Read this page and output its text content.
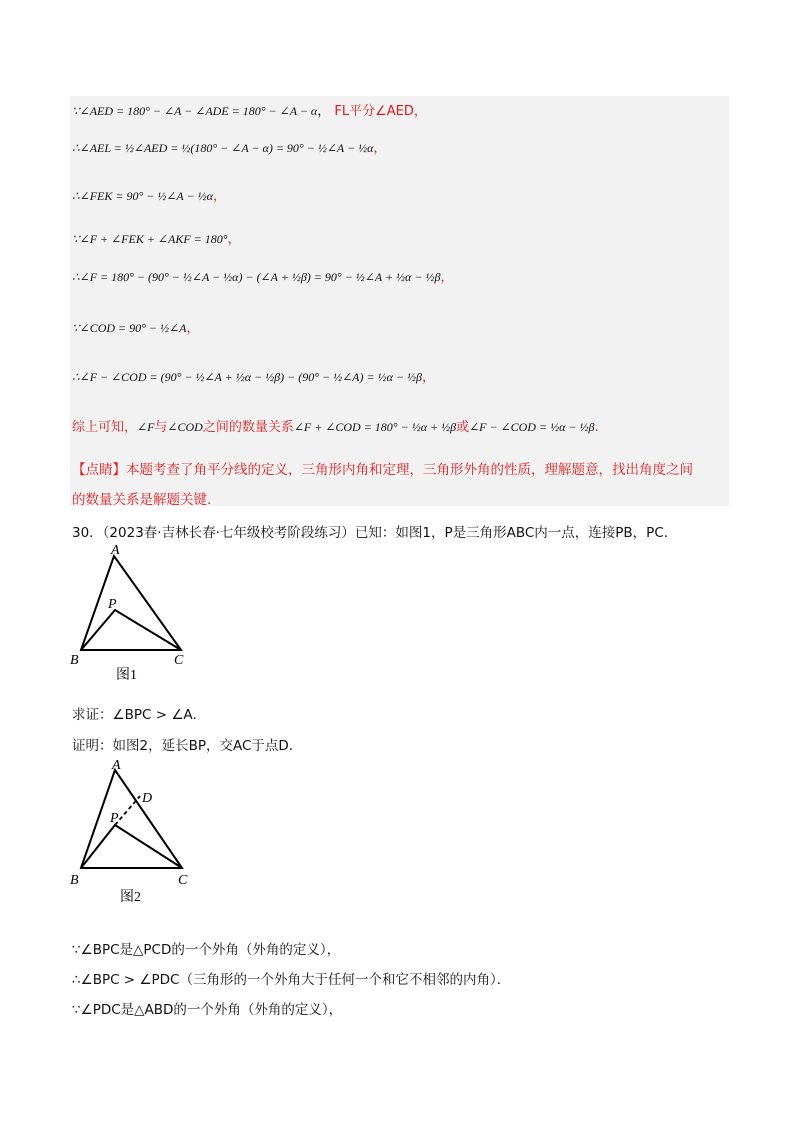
∵∠AED = 180° − ∠A − ∠ADE = 180° − ∠A − α， FL平分∠AED，
∴∠AEL = ½∠AED = ½(180° − ∠A − α) = 90° − ½∠A − ½α，
∴∠FEK = 90° − ½∠A − ½α，
∵∠F + ∠FEK + ∠AKF = 180°，
∴∠F = 180° − (90° − ½∠A − ½α) − (∠A + ½β) = 90° − ½∠A + ½α − ½β，
∵∠COD = 90° − ½∠A，
∴∠F − ∠COD = (90° − ½∠A + ½α − ½β) − (90° − ½∠A) = ½α − ½β，
综上可知，∠F与∠COD之间的数量关系∠F + ∠COD = 180° − ½α + ½β或∠F − ∠COD = ½α − ½β.
【点睛】本题考查了角平分线的定义，三角形内角和定理，三角形外角的性质，理解题意，找出角度之间
的数量关系是解题关键.
30．（2023春·吉林长春·七年级校考阶段练习）已知：如图1，P是三角形ABC内一点，连接PB，PC．
A
B	C
P
图1
求证：∠BPC > ∠A．
证明：如图2，延长BP，交AC于点D．
A
B	C
P
D
图2
∵∠BPC是△PCD的一个外角（外角的定义），
∴∠BPC > ∠PDC（三角形的一个外角大于任何一个和它不相邻的内角）．
∵∠PDC是△ABD的一个外角（外角的定义），
